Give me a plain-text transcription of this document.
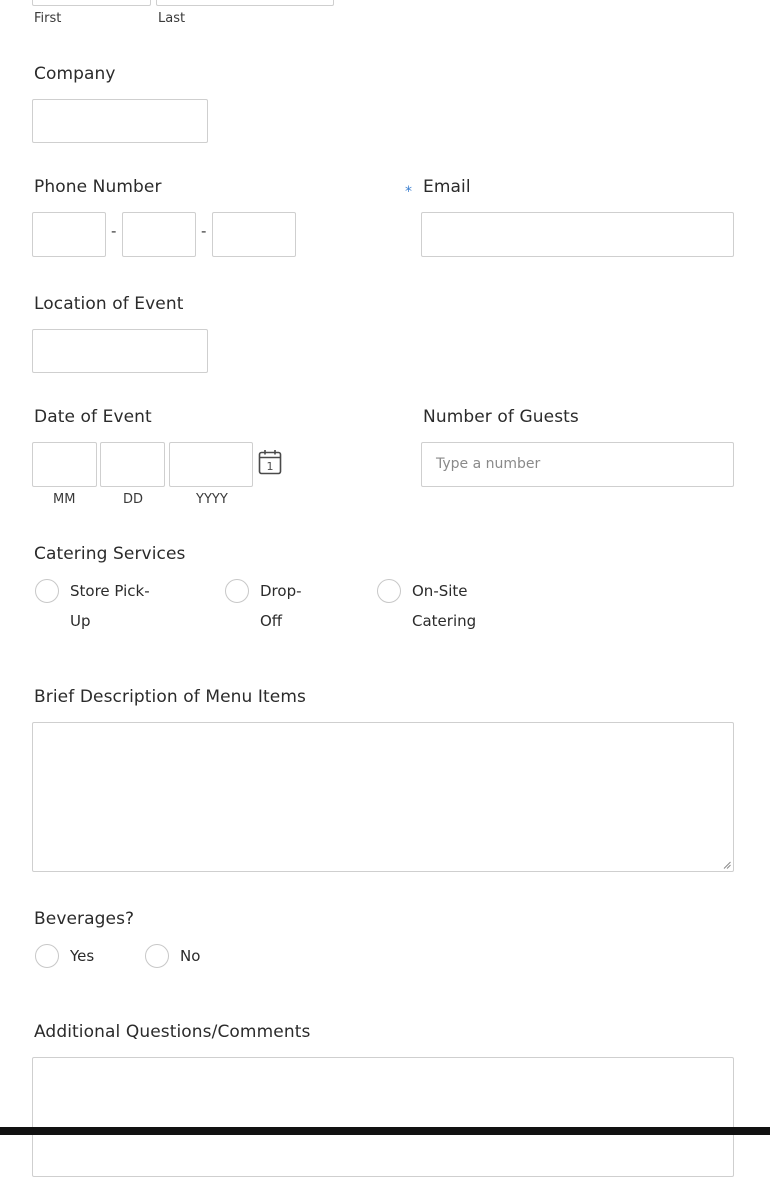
First	Last
Company
Phone Number
-	-
* Email
Location of Event
Date of Event
1
MM	DD	YYYY
Number of Guests
Type a number
Catering Services
Store Pick-
Up
Drop-
Off
On-Site
Catering
Brief Description of Menu Items
Beverages?
Yes	No
Additional Questions/Comments
